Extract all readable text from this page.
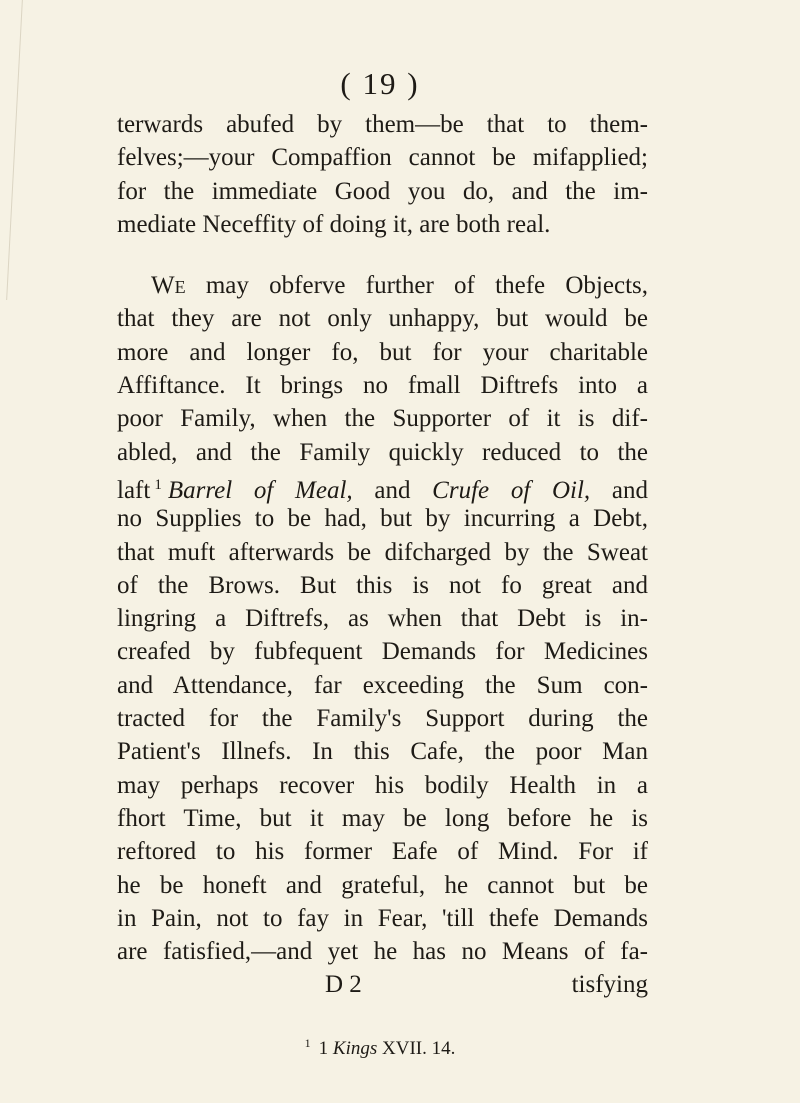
( 19 )
terwards abufed by them—be that to them-
felves;—your Compaffion cannot be mifapplied;
for the immediate Good you do, and the im-
mediate Neceffity of doing it, are both real.
We may obferve further of thefe Objects,
that they are not only unhappy, but would be
more and longer fo, but for your charitable
Affiftance. It brings no fmall Diftrefs into a
poor Family, when the Supporter of it is dif-
abled, and the Family quickly reduced to the
laft $^1$ Barrel of Meal, and Crufe of Oil, and
no Supplies to be had, but by incurring a Debt,
that muft afterwards be difcharged by the Sweat
of the Brows. But this is not fo great and
lingring a Diftrefs, as when that Debt is in-
creafed by fubfequent Demands for Medicines
and Attendance, far exceeding the Sum con-
tracted for the Family's Support during the
Patient's Illnefs. In this Cafe, the poor Man
may perhaps recover his bodily Health in a
fhort Time, but it may be long before he is
reftored to his former Eafe of Mind. For if
he be honeft and grateful, he cannot but be
in Pain, not to fay in Fear, 'till thefe Demands
are fatisfied,—and yet he has no Means of fa-
D 2	tisfying
$^1$ 1 Kings XVII. 14.
